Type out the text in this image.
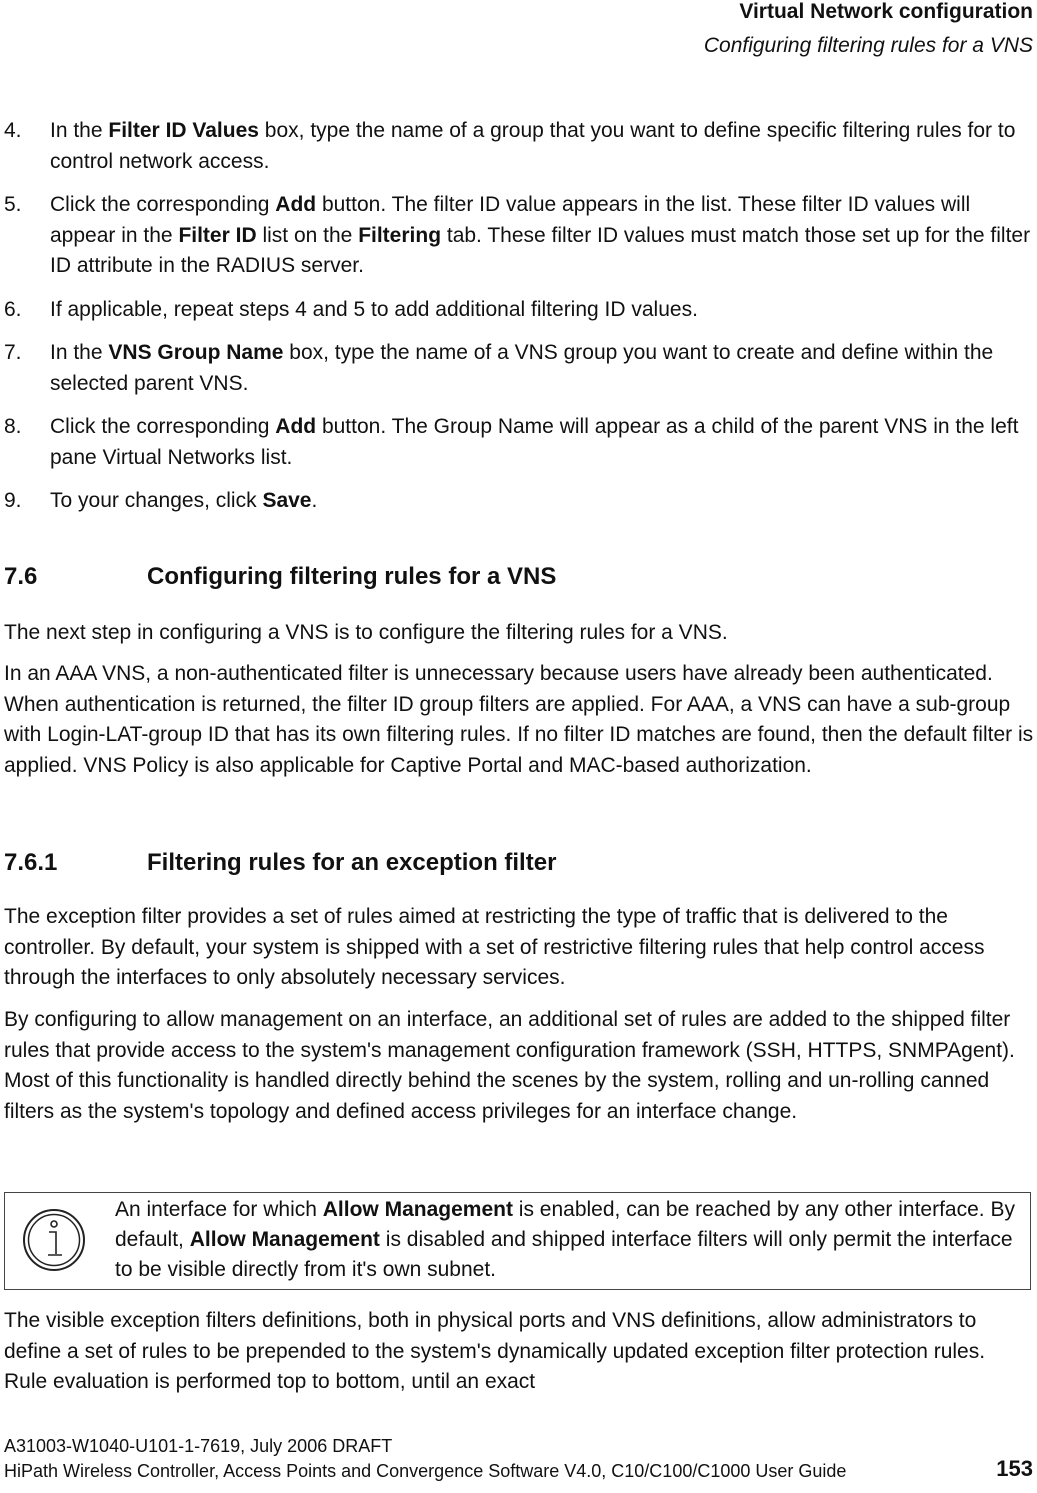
Virtual Network configuration
Configuring filtering rules for a VNS
4. In the Filter ID Values box, type the name of a group that you want to define specific filtering rules for to control network access.
5. Click the corresponding Add button. The filter ID value appears in the list. These filter ID values will appear in the Filter ID list on the Filtering tab. These filter ID values must match those set up for the filter ID attribute in the RADIUS server.
6. If applicable, repeat steps 4 and 5 to add additional filtering ID values.
7. In the VNS Group Name box, type the name of a VNS group you want to create and define within the selected parent VNS.
8. Click the corresponding Add button. The Group Name will appear as a child of the parent VNS in the left pane Virtual Networks list.
9. To your changes, click Save.
7.6	Configuring filtering rules for a VNS
The next step in configuring a VNS is to configure the filtering rules for a VNS.
In an AAA VNS, a non-authenticated filter is unnecessary because users have already been authenticated. When authentication is returned, the filter ID group filters are applied. For AAA, a VNS can have a sub-group with Login-LAT-group ID that has its own filtering rules. If no filter ID matches are found, then the default filter is applied. VNS Policy is also applicable for Captive Portal and MAC-based authorization.
7.6.1	Filtering rules for an exception filter
The exception filter provides a set of rules aimed at restricting the type of traffic that is delivered to the controller. By default, your system is shipped with a set of restrictive filtering rules that help control access through the interfaces to only absolutely necessary services.
By configuring to allow management on an interface, an additional set of rules are added to the shipped filter rules that provide access to the system's management configuration framework (SSH, HTTPS, SNMPAgent). Most of this functionality is handled directly behind the scenes by the system, rolling and un-rolling canned filters as the system's topology and defined access privileges for an interface change.
An interface for which Allow Management is enabled, can be reached by any other interface. By default, Allow Management is disabled and shipped interface filters will only permit the interface to be visible directly from it's own subnet.
The visible exception filters definitions, both in physical ports and VNS definitions, allow administrators to define a set of rules to be prepended to the system's dynamically updated exception filter protection rules. Rule evaluation is performed top to bottom, until an exact
A31003-W1040-U101-1-7619, July 2006 DRAFT
HiPath Wireless Controller, Access Points and Convergence Software V4.0, C10/C100/C1000 User Guide	153
